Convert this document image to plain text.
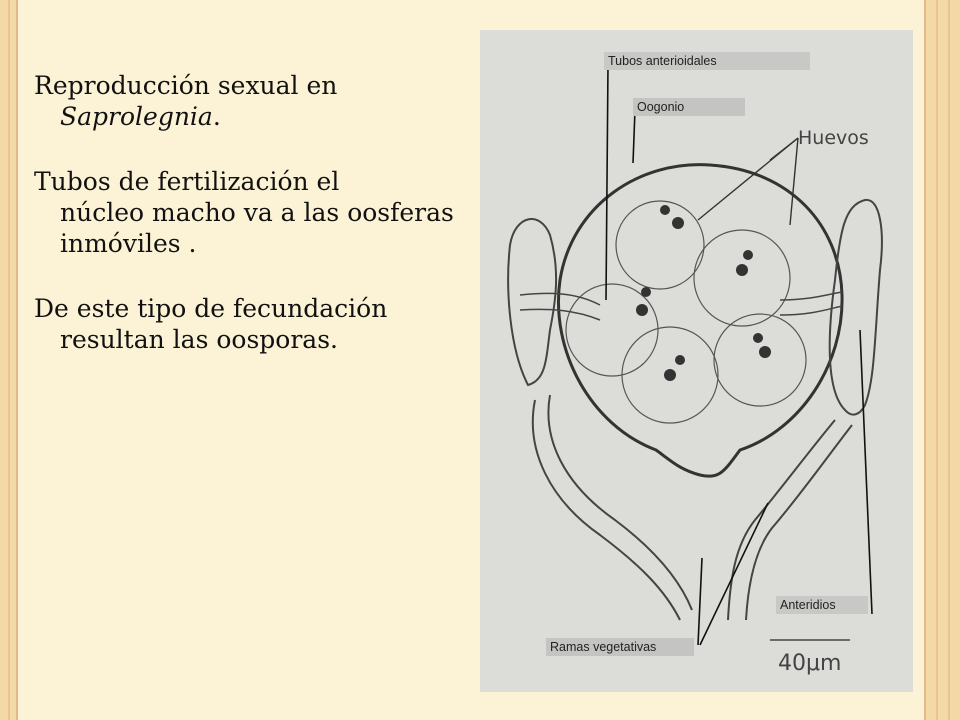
Reproducción sexual en
Saprolegnia.

Tubos de fertilización el
núcleo macho va a las oosferas inmóviles .

De este tipo de fecundación
resultan las oosporas.

40μm
Huevos
Tubos anterioidales
Oogonio
Anteridios
Ramas vegetativas
